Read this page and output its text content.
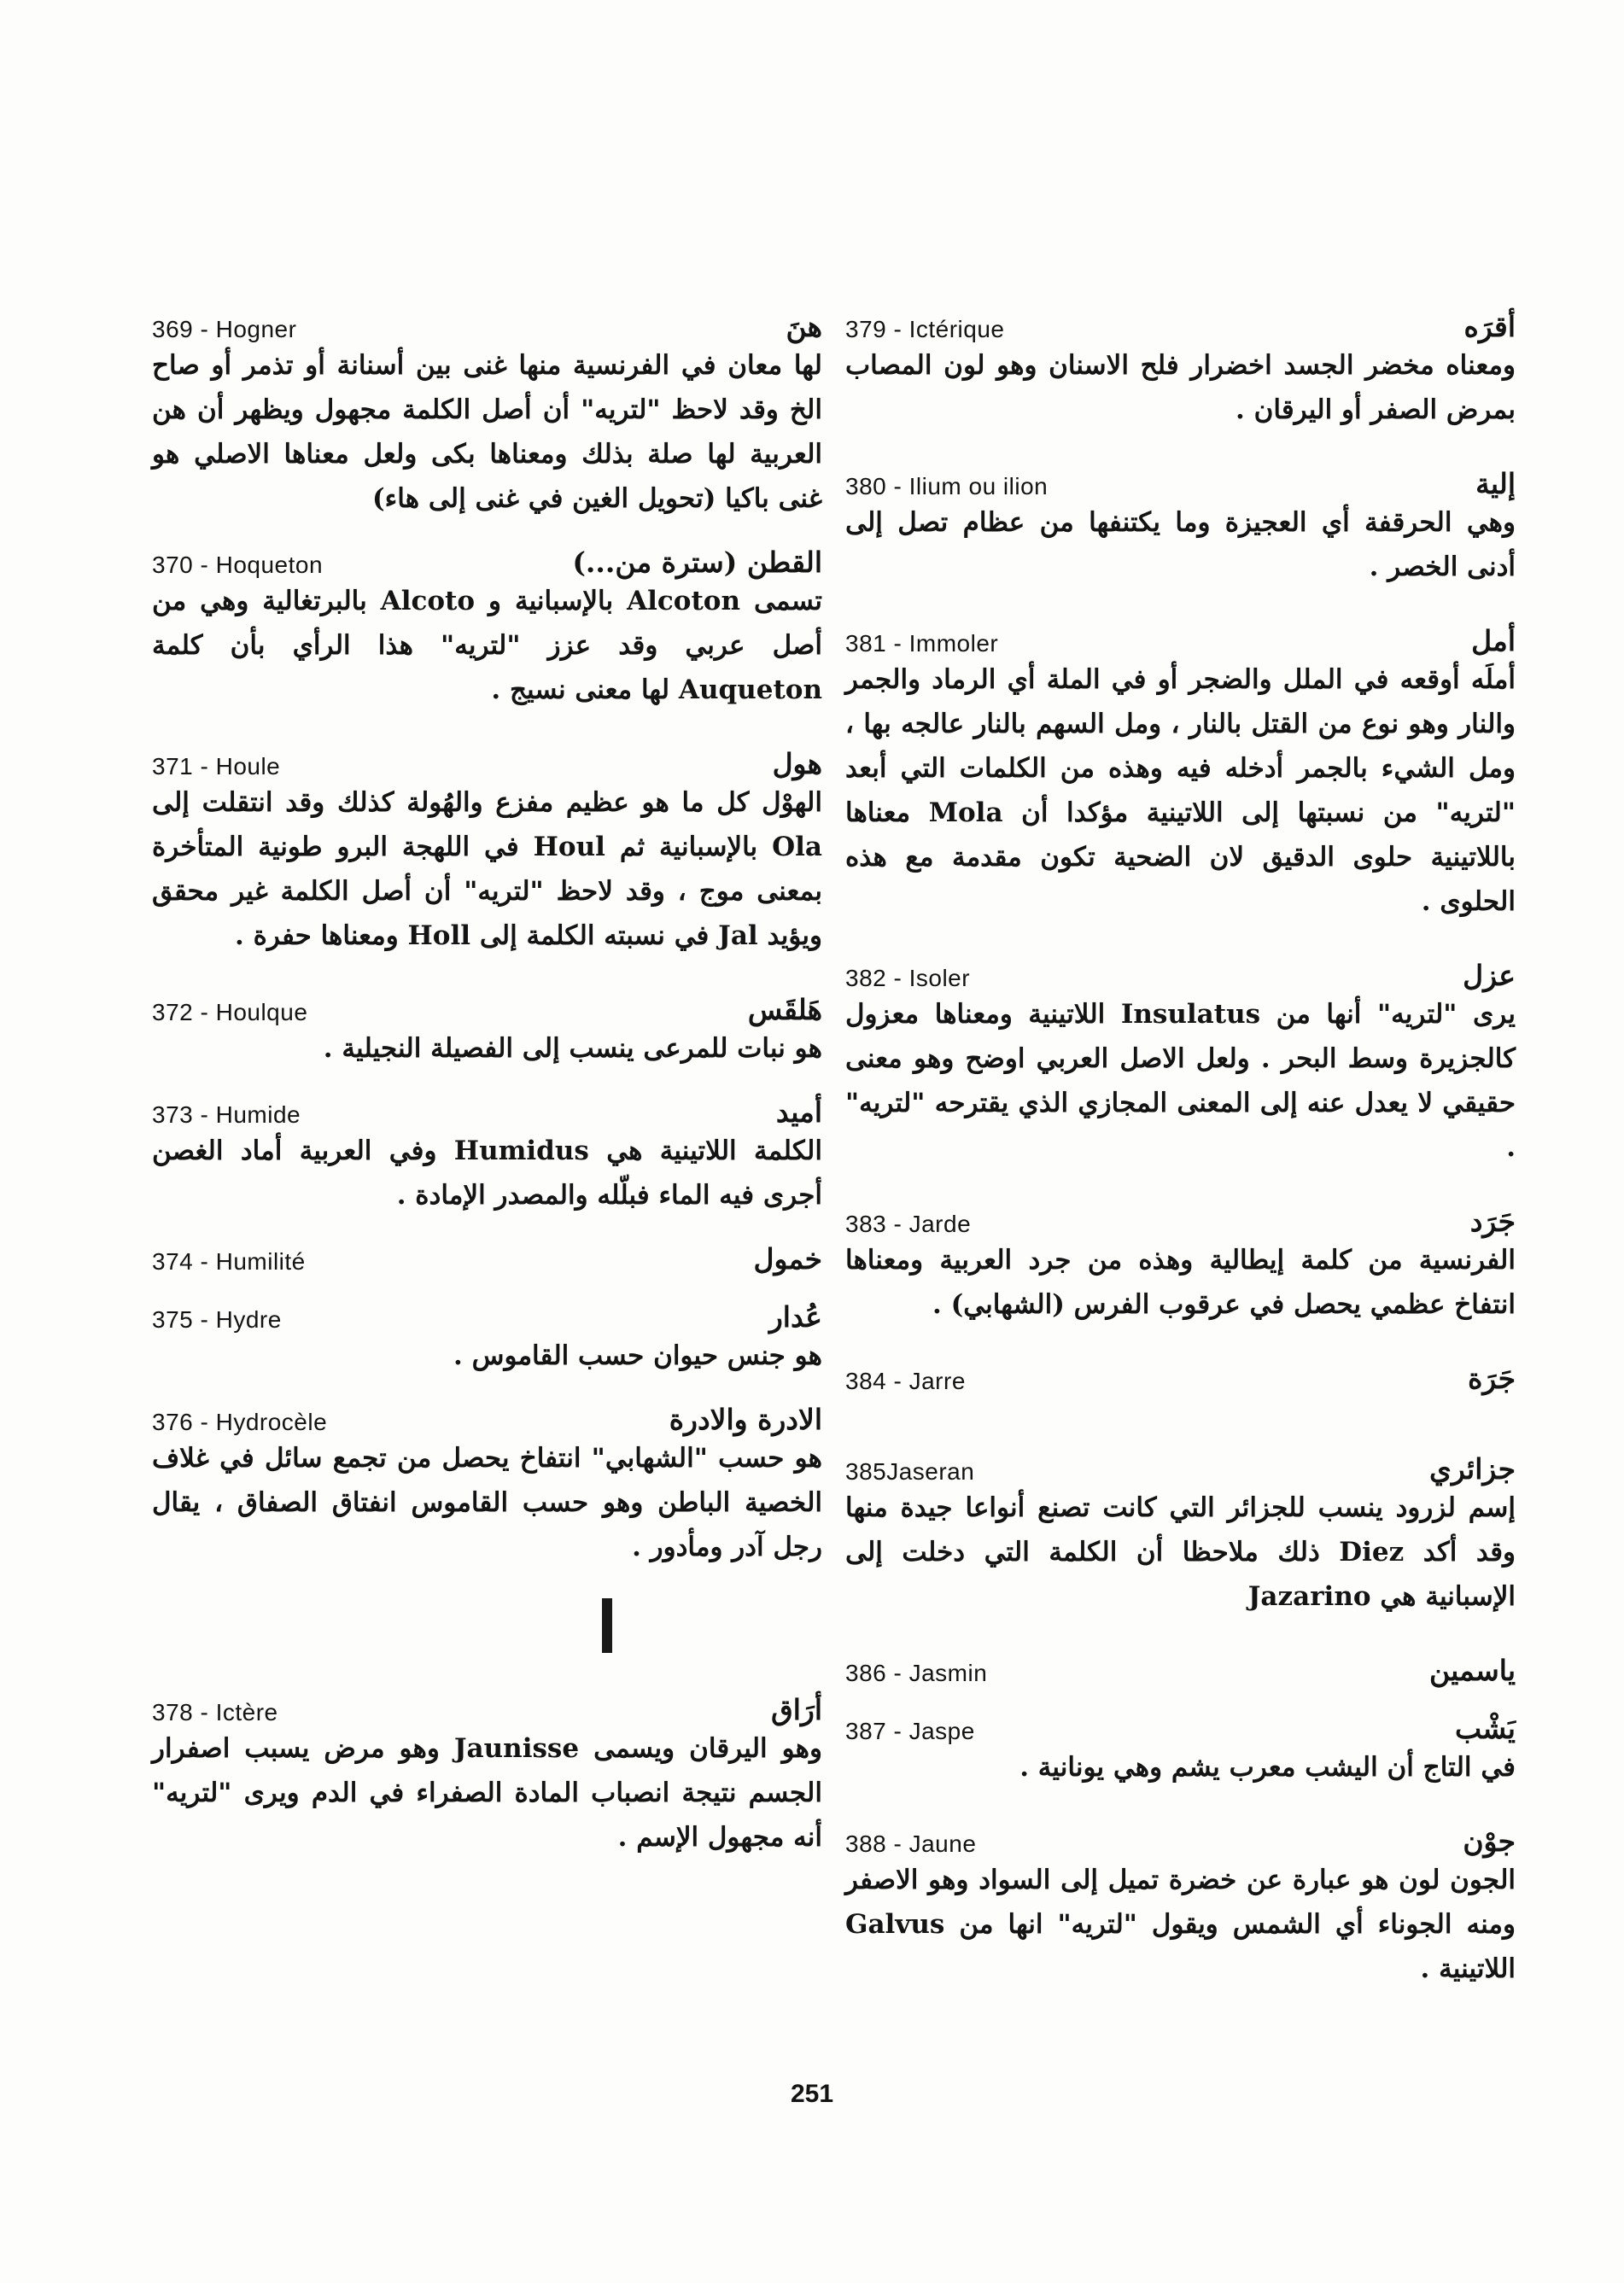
379 - Ictérique	أقرَه
ومعناه مخضر الجسد اخضرار فلح الاسنان وهو لون المصاب بمرض الصفر أو اليرقان .
380 - Ilium ou ilion	إلية
وهي الحرقفة أي العجيزة وما يكتنفها من عظام تصل إلى أدنى الخصر .
381 - Immoler	أمل
أملَه أوقعه في الملل والضجر أو في الملة أي الرماد والجمر والنار وهو نوع من القتل بالنار ، ومل السهم بالنار عالجه بها ، ومل الشيء بالجمر أدخله فيه وهذه من الكلمات التي أبعد "لتريه" من نسبتها إلى اللاتينية مؤكدا أن Mola معناها باللاتينية حلوى الدقيق لان الضحية تكون مقدمة مع هذه الحلوى .
382 - Isoler	عزل
يرى "لتريه" أنها من Insulatus اللاتينية ومعناها معزول كالجزيرة وسط البحر . ولعل الاصل العربي اوضح وهو معنى حقيقي لا يعدل عنه إلى المعنى المجازي الذي يقترحه "لتريه" .
383 - Jarde	جَرَد
الفرنسية من كلمة إيطالية وهذه من جرد العربية ومعناها انتفاخ عظمي يحصل في عرقوب الفرس (الشهابي) .
384 - Jarre	جَرَة
385Jaseran	جزائري
إسم لزرود ينسب للجزائر التي كانت تصنع أنواعا جيدة منها وقد أكد Diez ذلك ملاحظا أن الكلمة التي دخلت إلى الإسبانية هي Jazarino
386 - Jasmin	ياسمين
387 - Jaspe	يَشْب
في التاج أن اليشب معرب يشم وهي يونانية .
388 - Jaune	جوْن
الجون لون هو عبارة عن خضرة تميل إلى السواد وهو الاصفر ومنه الجوناء أي الشمس ويقول "لتريه" انها من Galvus اللاتينية .
369 - Hogner	هنَ
لها معان في الفرنسية منها غنى بين أسنانة أو تذمر أو صاح الخ وقد لاحظ "لتريه" أن أصل الكلمة مجهول ويظهر أن هن العربية لها صلة بذلك ومعناها بكى ولعل معناها الاصلي هو غنى باكيا (تحويل الغين في غنى إلى هاء)
370 - Hoqueton	القطن (سترة من...)
تسمى Alcoton بالإسبانية و Alcoto بالبرتغالية وهي من أصل عربي وقد عزز "لتريه" هذا الرأي بأن كلمة Auqueton لها معنى نسيج .
371 - Houle	هول
الهوْل كل ما هو عظيم مفزع والهُولة كذلك وقد انتقلت إلى Ola بالإسبانية ثم Houl في اللهجة البرو طونية المتأخرة بمعنى موج ، وقد لاحظ "لتريه" أن أصل الكلمة غير محقق ويؤيد Jal في نسبته الكلمة إلى Holl ومعناها حفرة .
372 - Houlque	هَلقَس
هو نبات للمرعى ينسب إلى الفصيلة النجيلية .
373 - Humide	أميد
الكلمة اللاتينية هي Humidus وفي العربية أماد الغصن أجرى فيه الماء فبلّله والمصدر الإمادة .
374 - Humilité	خمول
375 - Hydre	عُدار
هو جنس حيوان حسب القاموس .
376 - Hydrocèle	الادرة والادرة
هو حسب "الشهابي" انتفاخ يحصل من تجمع سائل في غلاف الخصية الباطن وهو حسب القاموس انفتاق الصفاق ، يقال رجل آدر ومأدور .
378 - Ictère	أرَاق
وهو اليرقان ويسمى Jaunisse وهو مرض يسبب اصفرار الجسم نتيجة انصباب المادة الصفراء في الدم ويرى "لتريه" أنه مجهول الإسم .
251
